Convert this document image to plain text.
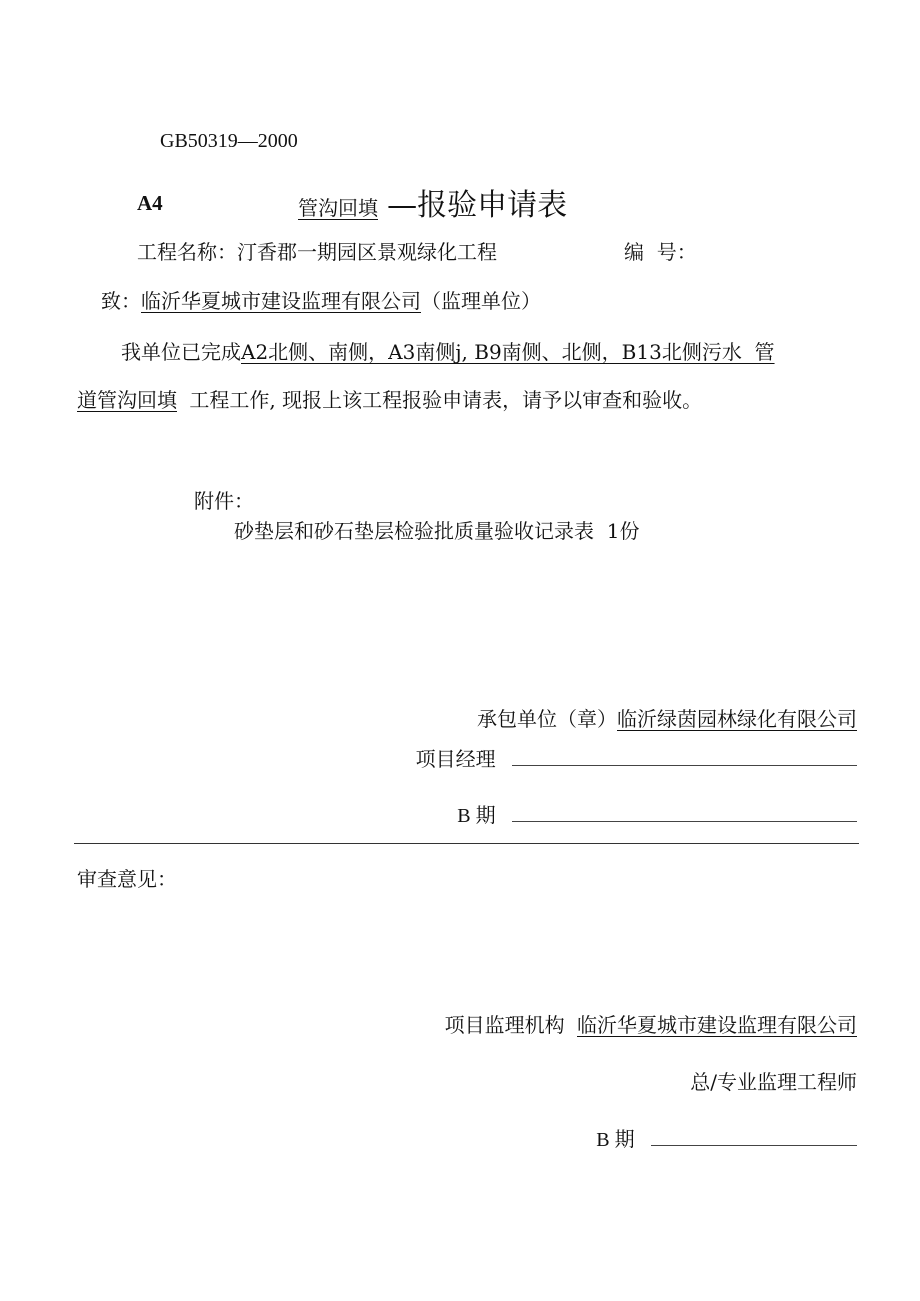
GB50319—2000
A4	管沟回填 —报验申请表
工程名称：汀香郡一期园区景观绿化工程	编  号：
致：临沂华夏城市建设监理有限公司（监理单位）
我单位已完成A2北侧、南侧，A3南侧j, B9南侧、北侧，B13北侧污水  管
道管沟回填 工程工作, 现报上该工程报验申请表，请予以审查和验收。
附件：
砂垫层和砂石垫层检验批质量验收记录表  1份
承包单位（章）临沂绿茵园林绿化有限公司
项目经理
B 期
审查意见：
项目监理机构 临沂华夏城市建设监理有限公司
总/专业监理工程师
B 期
